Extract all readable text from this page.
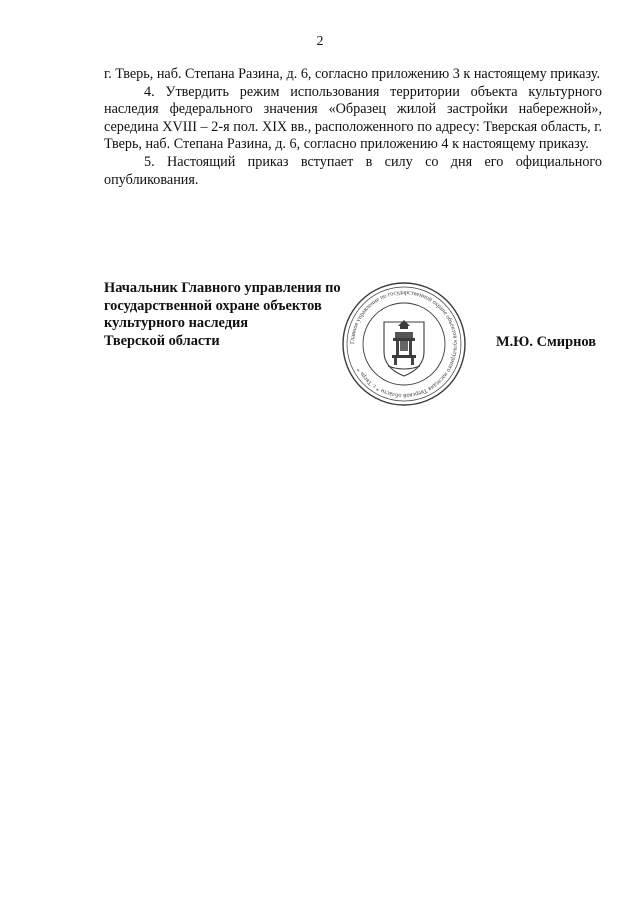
2

г. Тверь, наб. Степана Разина, д. 6, согласно приложению 3 к настоящему приказу.

4. Утвердить режим использования территории объекта культурного наследия федерального значения «Образец жилой застройки набережной», середина XVIII – 2-я пол. XIX вв., расположенного по адресу: Тверская область, г. Тверь, наб. Степана Разина, д. 6, согласно приложению 4 к настоящему приказу.

5. Настоящий приказ вступает в силу со дня его официального опубликования.

Начальник Главного управления по
государственной охране объектов
культурного наследия
Тверской области	Главное управление по государственной охране объектов культурного наследия Тверской области * г. Тверь *
М.Ю. Смирнов
